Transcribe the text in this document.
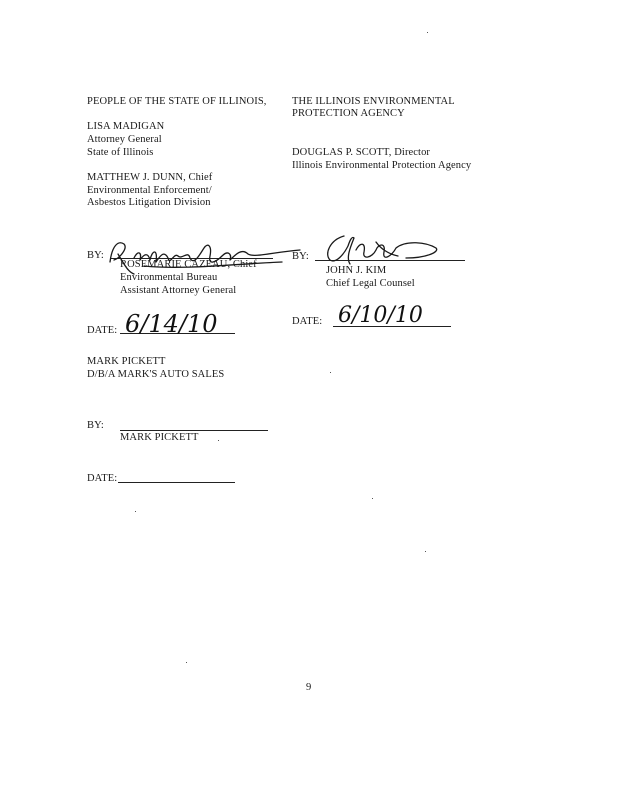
PEOPLE OF THE STATE OF ILLINOIS,
LISA MADIGAN
Attorney General
State of Illinois
MATTHEW J. DUNN, Chief
Environmental Enforcement/
Asbestos Litigation Division
BY:
ROSEMARIE CAZEAU, Chief
Environmental Bureau
Assistant Attorney General
DATE: 6/14/10
MARK PICKETT
D/B/A MARK'S AUTO SALES
BY:
MARK PICKETT
DATE:
THE ILLINOIS ENVIRONMENTAL
PROTECTION AGENCY
DOUGLAS P. SCOTT, Director
Illinois Environmental Protection Agency
BY:
JOHN J. KIM
Chief Legal Counsel
DATE: 6/10/10
9
